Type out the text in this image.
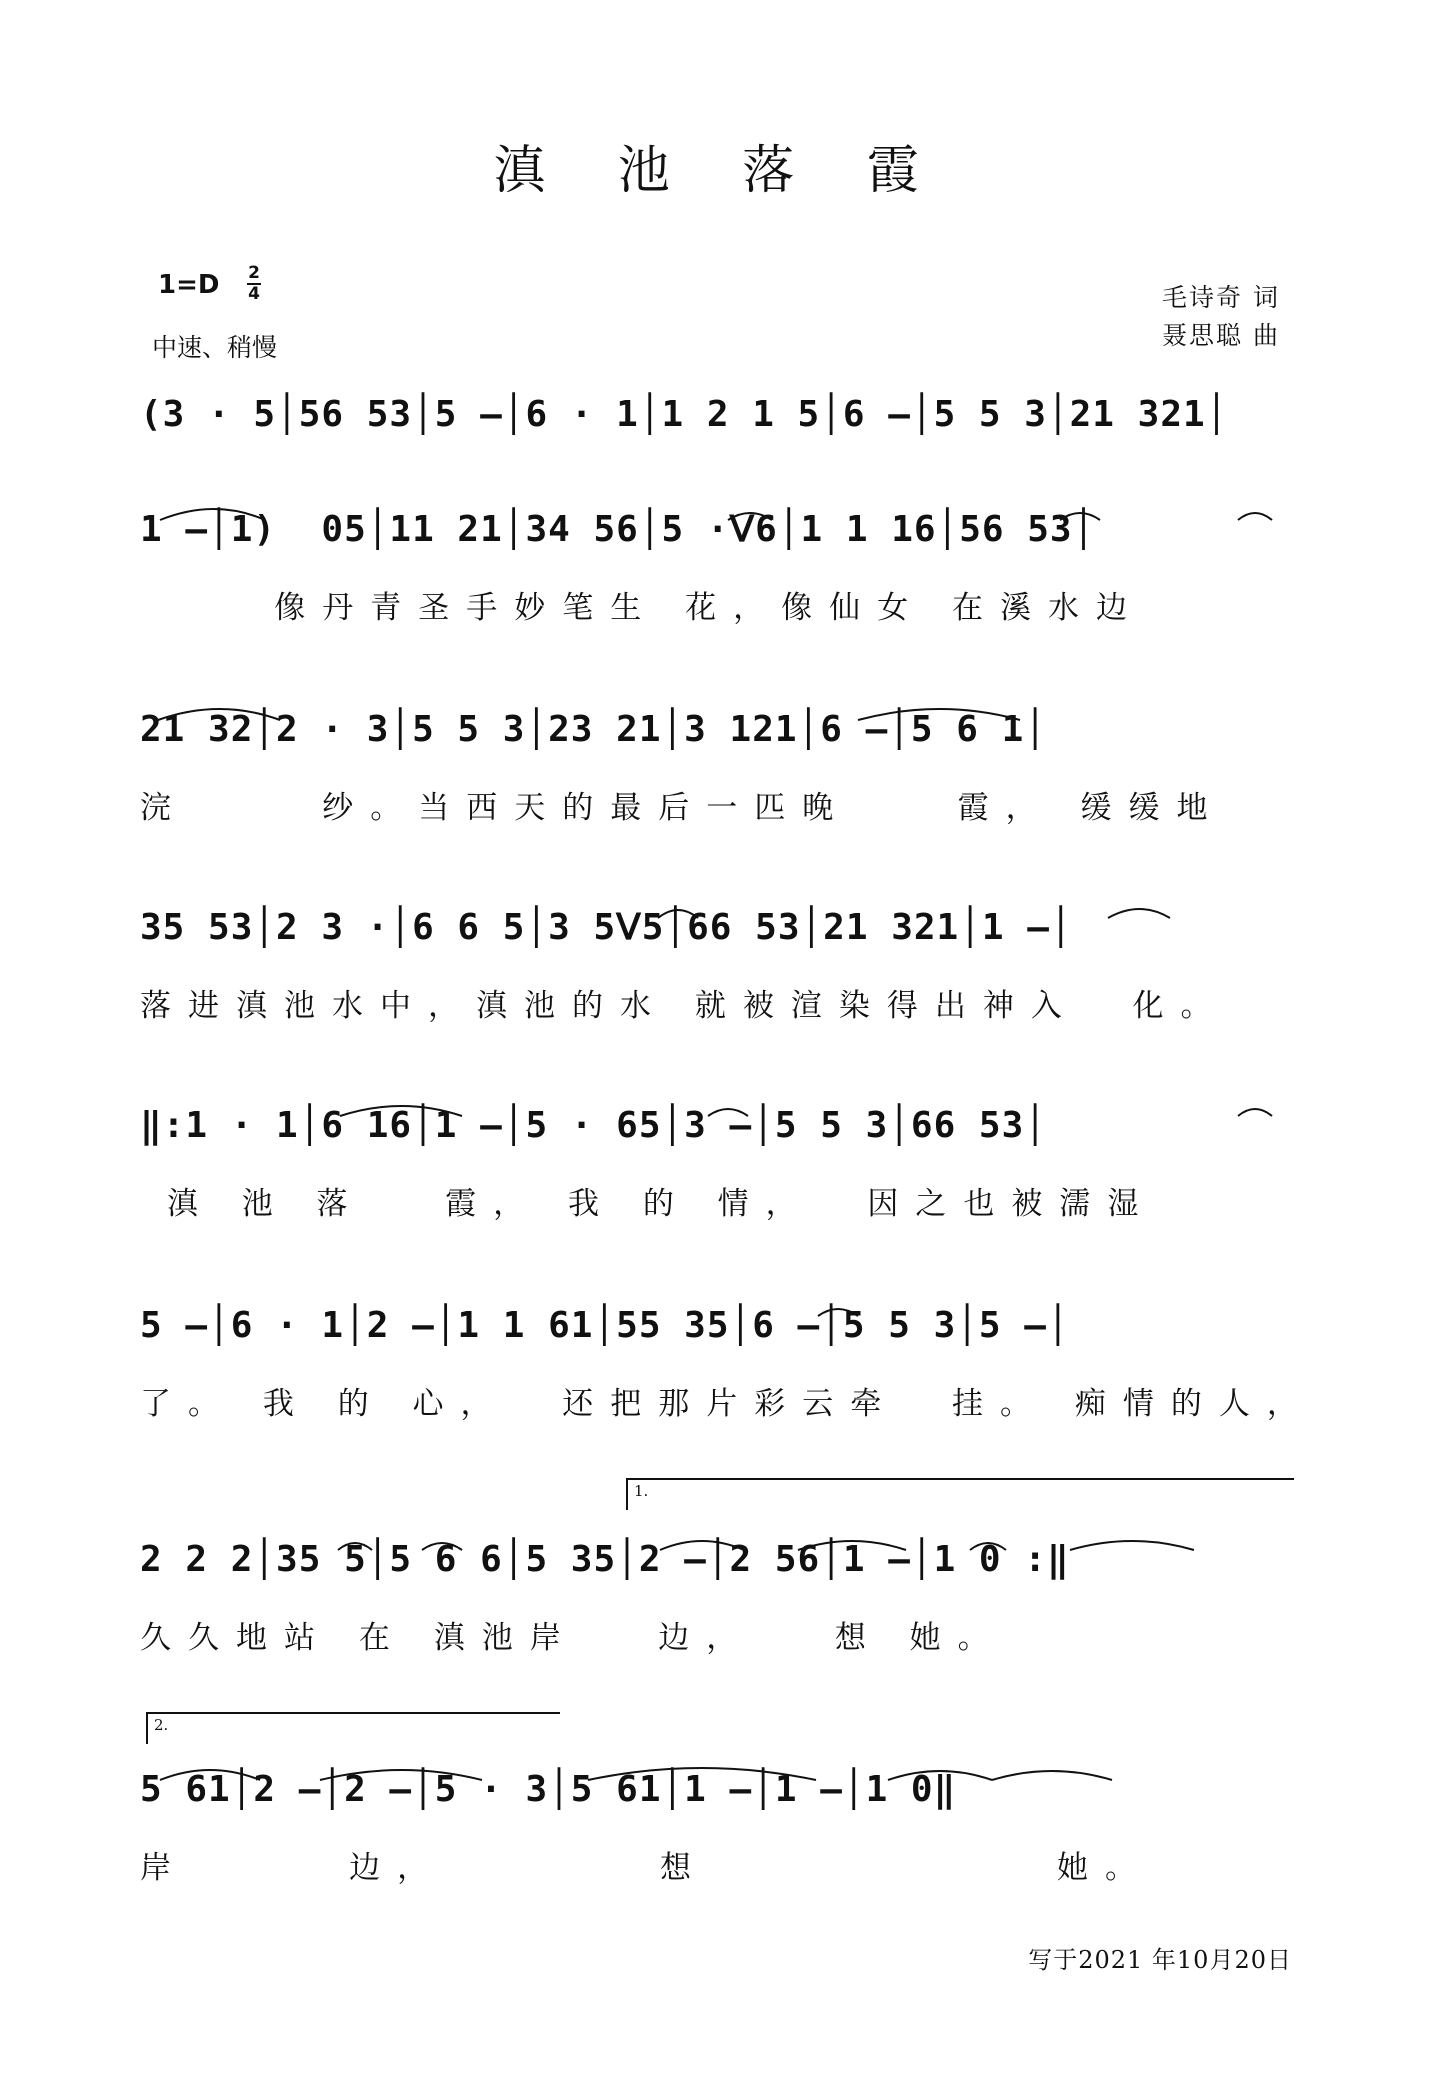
滇 池 落 霞
1=D 2
4
中速、稍慢
毛诗奇 词
聂思聪 曲
(3 · 5│56 53│5 –│6 · 1│1 2 1 5│6 –│5 5 3│21 321│
1 –│1)  05│11 21│34 56│5 ·ᐯ6│1 1 16│56 53│
像丹青圣手妙笔生 花，像仙女 在溪水边
21 32│2 · 3│5 5 3│23 21│3 121│6 –│5 6 1│
浣     纱。当西天的最后一匹晚    霞， 缓缓地
35 53│2 3 ·│6 6 5│3 5ᐯ5│66 53│21 321│1 –│
落进滇池水中，滇池的水 就被渲染得出神入  化。
‖:1 · 1│6 16│1 –│5 · 65│3 –│5 5 3│66 53│
滇 池 落   霞， 我 的 情，  因之也被濡湿
5 –│6 · 1│2 –│1 1 61│55 35│6 –│5 5 3│5 –│
了。 我 的 心，  还把那片彩云牵  挂。 痴情的人，
1.
2 2 2│35 5│5 6 6│5 35│2 –│2 56│1 –│1 0 :‖
久久地站 在 滇池岸   边，   想 她。
2.
5 61│2 –│2 –│5 · 3│5 61│1 –│1 –│1 0‖
岸      边，        想             她。
写于2021 年10月20日
